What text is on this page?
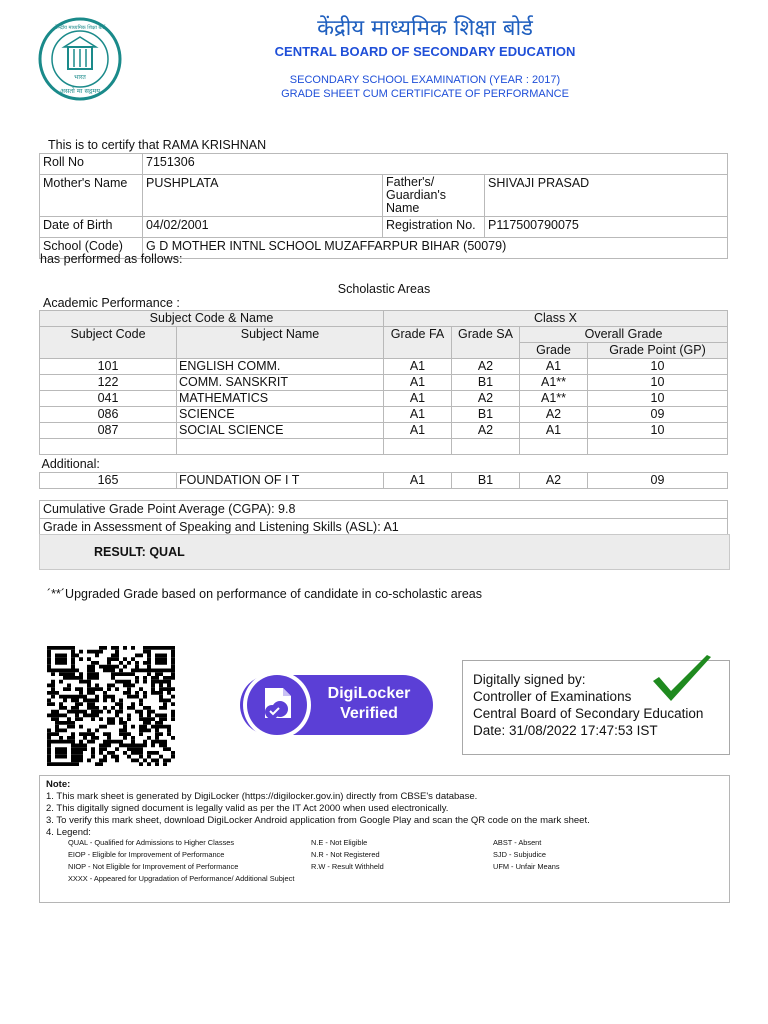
भारत
असतो मा सद्गमय
केन्द्रीय माध्यमिक शिक्षा बोर्ड	केंद्रीय माध्यमिक शिक्षा बोर्ड
CENTRAL BOARD OF SECONDARY EDUCATION
SECONDARY SCHOOL EXAMINATION (YEAR : 2017)
GRADE SHEET CUM CERTIFICATE OF PERFORMANCE
This is to certify that RAMA KRISHNAN
Roll No	7151306		
Mother's Name	PUSHPLATA	Father's/
Guardian's Name	SHIVAJI PRASAD
Date of Birth	04/02/2001	Registration No.	P117500790075
School (Code)	G D MOTHER INTNL SCHOOL MUZAFFARPUR BIHAR (50079)		
has performed as follows:
Scholastic Areas
Academic Performance :
Subject Code & Name		Class X			
Subject Code	Subject Name	Grade FA	Grade SA	Overall Grade	
				Grade	Grade Point (GP)
101	ENGLISH COMM.	A1	A2	A1	10
122	COMM. SANSKRIT	A1	B1	A1**	10
041	MATHEMATICS	A1	A2	A1**	10
086	SCIENCE	A1	B1	A2	09
087	SOCIAL SCIENCE	A1	A2	A1	10

Additional:					
165	FOUNDATION OF I T	A1	B1	A2	09
Cumulative Grade Point Average (CGPA): 9.8
Grade in Assessment of Speaking and Listening Skills (ASL): A1
RESULT: QUAL
´**´Upgraded Grade based on performance of candidate in co-scholastic areas
DigiLocker
Verified
Digitally signed by:
Controller of Examinations
Central Board of Secondary Education
Date: 31/08/2022 17:47:53 IST
Note:
1. This mark sheet is generated by DigiLocker (https://digilocker.gov.in) directly from CBSE's database.
2. This digitally signed document is legally valid as per the IT Act 2000 when used electronically.
3. To verify this mark sheet, download DigiLocker Android application from Google Play and scan the QR code on the mark sheet.
4. Legend:
QUAL - Qualified for Admissions to Higher Classes
EIOP - Eligible for Improvement of Performance
NIOP - Not Eligible for Improvement of Performance
XXXX - Appeared for Upgradation of Performance/ Additional Subject
N.E - Not Eligible
N.R - Not Registered
R.W - Result Withheld
ABST - Absent
SJD - Subjudice
UFM - Unfair Means
